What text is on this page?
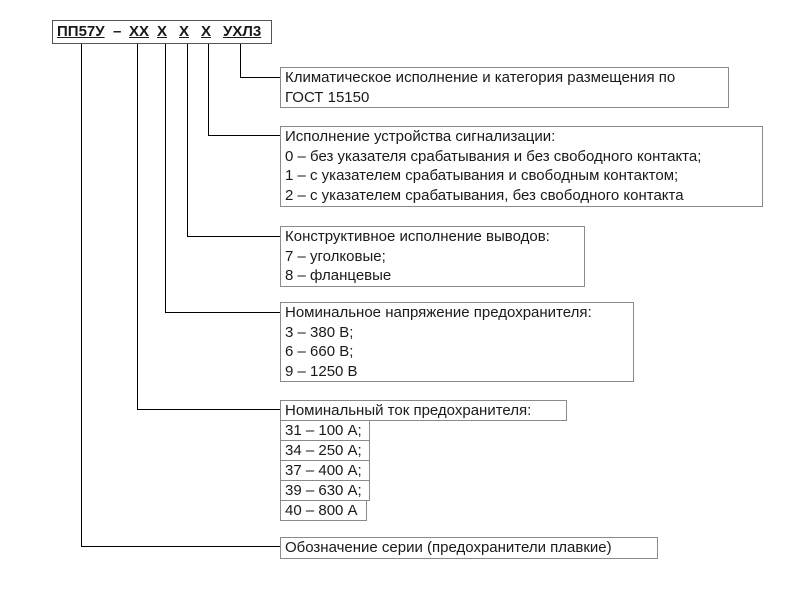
ПП57У – ХХ Х Х Х УХЛ3
Климатическое исполнение и категория размещения по
ГОСТ 15150
Исполнение устройства сигнализации:
0 – без указателя срабатывания и без свободного контакта;
1 – с указателем срабатывания и свободным контактом;
2 – с указателем срабатывания, без свободного контакта
Конструктивное исполнение выводов:
7 – уголковые;
8 – фланцевые
Номинальное напряжение предохранителя:
3 – 380 В;
6 – 660 В;
9 – 1250 В
Номинальный ток предохранителя:
31 – 100 А;
34 – 250 А;
37 – 400 А;
39 – 630 А;
40 – 800 А
Обозначение серии (предохранители плавкие)
